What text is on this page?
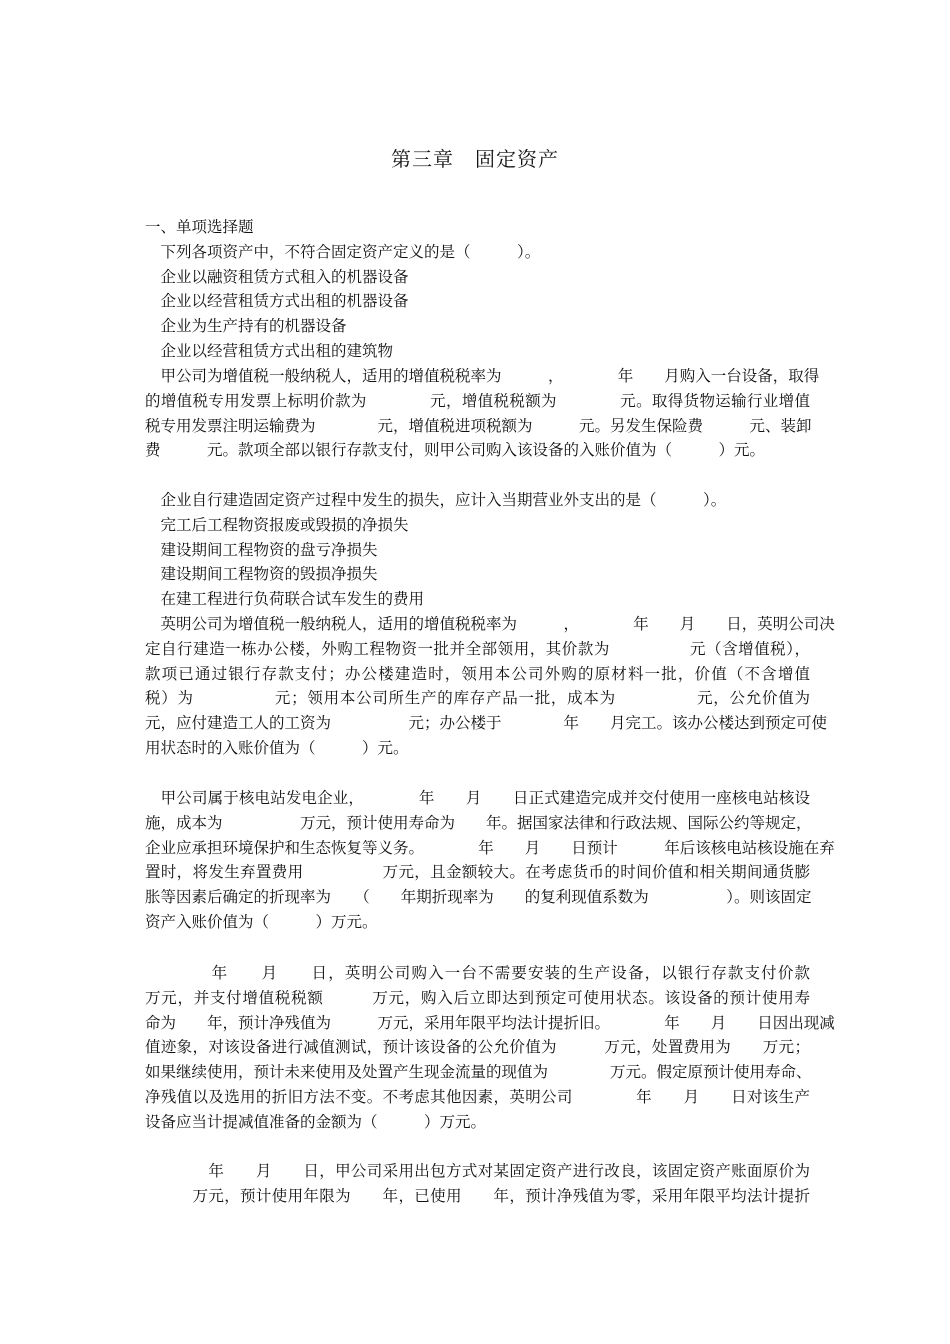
第三章　固定资产
一、单项选择题
　下列各项资产中，不符合固定资产定义的是（　　　）。
　企业以融资租赁方式租入的机器设备
　企业以经营租赁方式出租的机器设备
　企业为生产持有的机器设备
　企业以经营租赁方式出租的建筑物
　甲公司为增值税一般纳税人，适用的增值税税率为　　　，　　　　年　　月购入一台设备，取得
的增值税专用发票上标明价款为　　　　元，增值税税额为　　　　元。取得货物运输行业增值
税专用发票注明运输费为　　　　元，增值税进项税额为　　　元。另发生保险费　　　元、装卸
费　　　元。款项全部以银行存款支付，则甲公司购入该设备的入账价值为（　　　）元。
　企业自行建造固定资产过程中发生的损失，应计入当期营业外支出的是（　　　）。
　完工后工程物资报废或毁损的净损失
　建设期间工程物资的盘亏净损失
　建设期间工程物资的毁损净损失
　在建工程进行负荷联合试车发生的费用
　英明公司为增值税一般纳税人，适用的增值税税率为　　　，　　　　年　　月　　日，英明公司决
定自行建造一栋办公楼，外购工程物资一批并全部领用，其价款为　　　　　元（含增值税），
款项已通过银行存款支付；办公楼建造时，领用本公司外购的原材料一批，价值（不含增值
税）为　　　　　元；领用本公司所生产的库存产品一批，成本为　　　　　元，公允价值为　　　　　
元，应付建造工人的工资为　　　　　元；办公楼于　　　　年　　月完工。该办公楼达到预定可使
用状态时的入账价值为（　　　）元。
　甲公司属于核电站发电企业，　　　　年　　月　　日正式建造完成并交付使用一座核电站核设
施，成本为　　　　　万元，预计使用寿命为　　年。据国家法律和行政法规、国际公约等规定，
企业应承担环境保护和生态恢复等义务。　　　　年　　月　　日预计　　　年后该核电站核设施在弃
置时，将发生弃置费用　　　　　万元，且金额较大。在考虑货币的时间价值和相关期间通货膨
胀等因素后确定的折现率为　　（　　年期折现率为　　的复利现值系数为　　　　　）。则该固定
资产入账价值为（　　　）万元。
　　　　年　　月　　日，英明公司购入一台不需要安装的生产设备，以银行存款支付价款　　　
万元，并支付增值税税额　　　万元，购入后立即达到预定可使用状态。该设备的预计使用寿
命为　　年，预计净残值为　　　万元，采用年限平均法计提折旧。　　　　年　　月　　日因出现减
值迹象，对该设备进行减值测试，预计该设备的公允价值为　　　万元，处置费用为　　万元；
如果继续使用，预计未来使用及处置产生现金流量的现值为　　　　万元。假定原预计使用寿命、
净残值以及选用的折旧方法不变。不考虑其他因素，英明公司　　　　年　　月　　日对该生产
设备应当计提减值准备的金额为（　　　）万元。
　　　　年　　月　　日，甲公司采用出包方式对某固定资产进行改良，该固定资产账面原价为
　　　万元，预计使用年限为　　年，已使用　　年，预计净残值为零，采用年限平均法计提折
